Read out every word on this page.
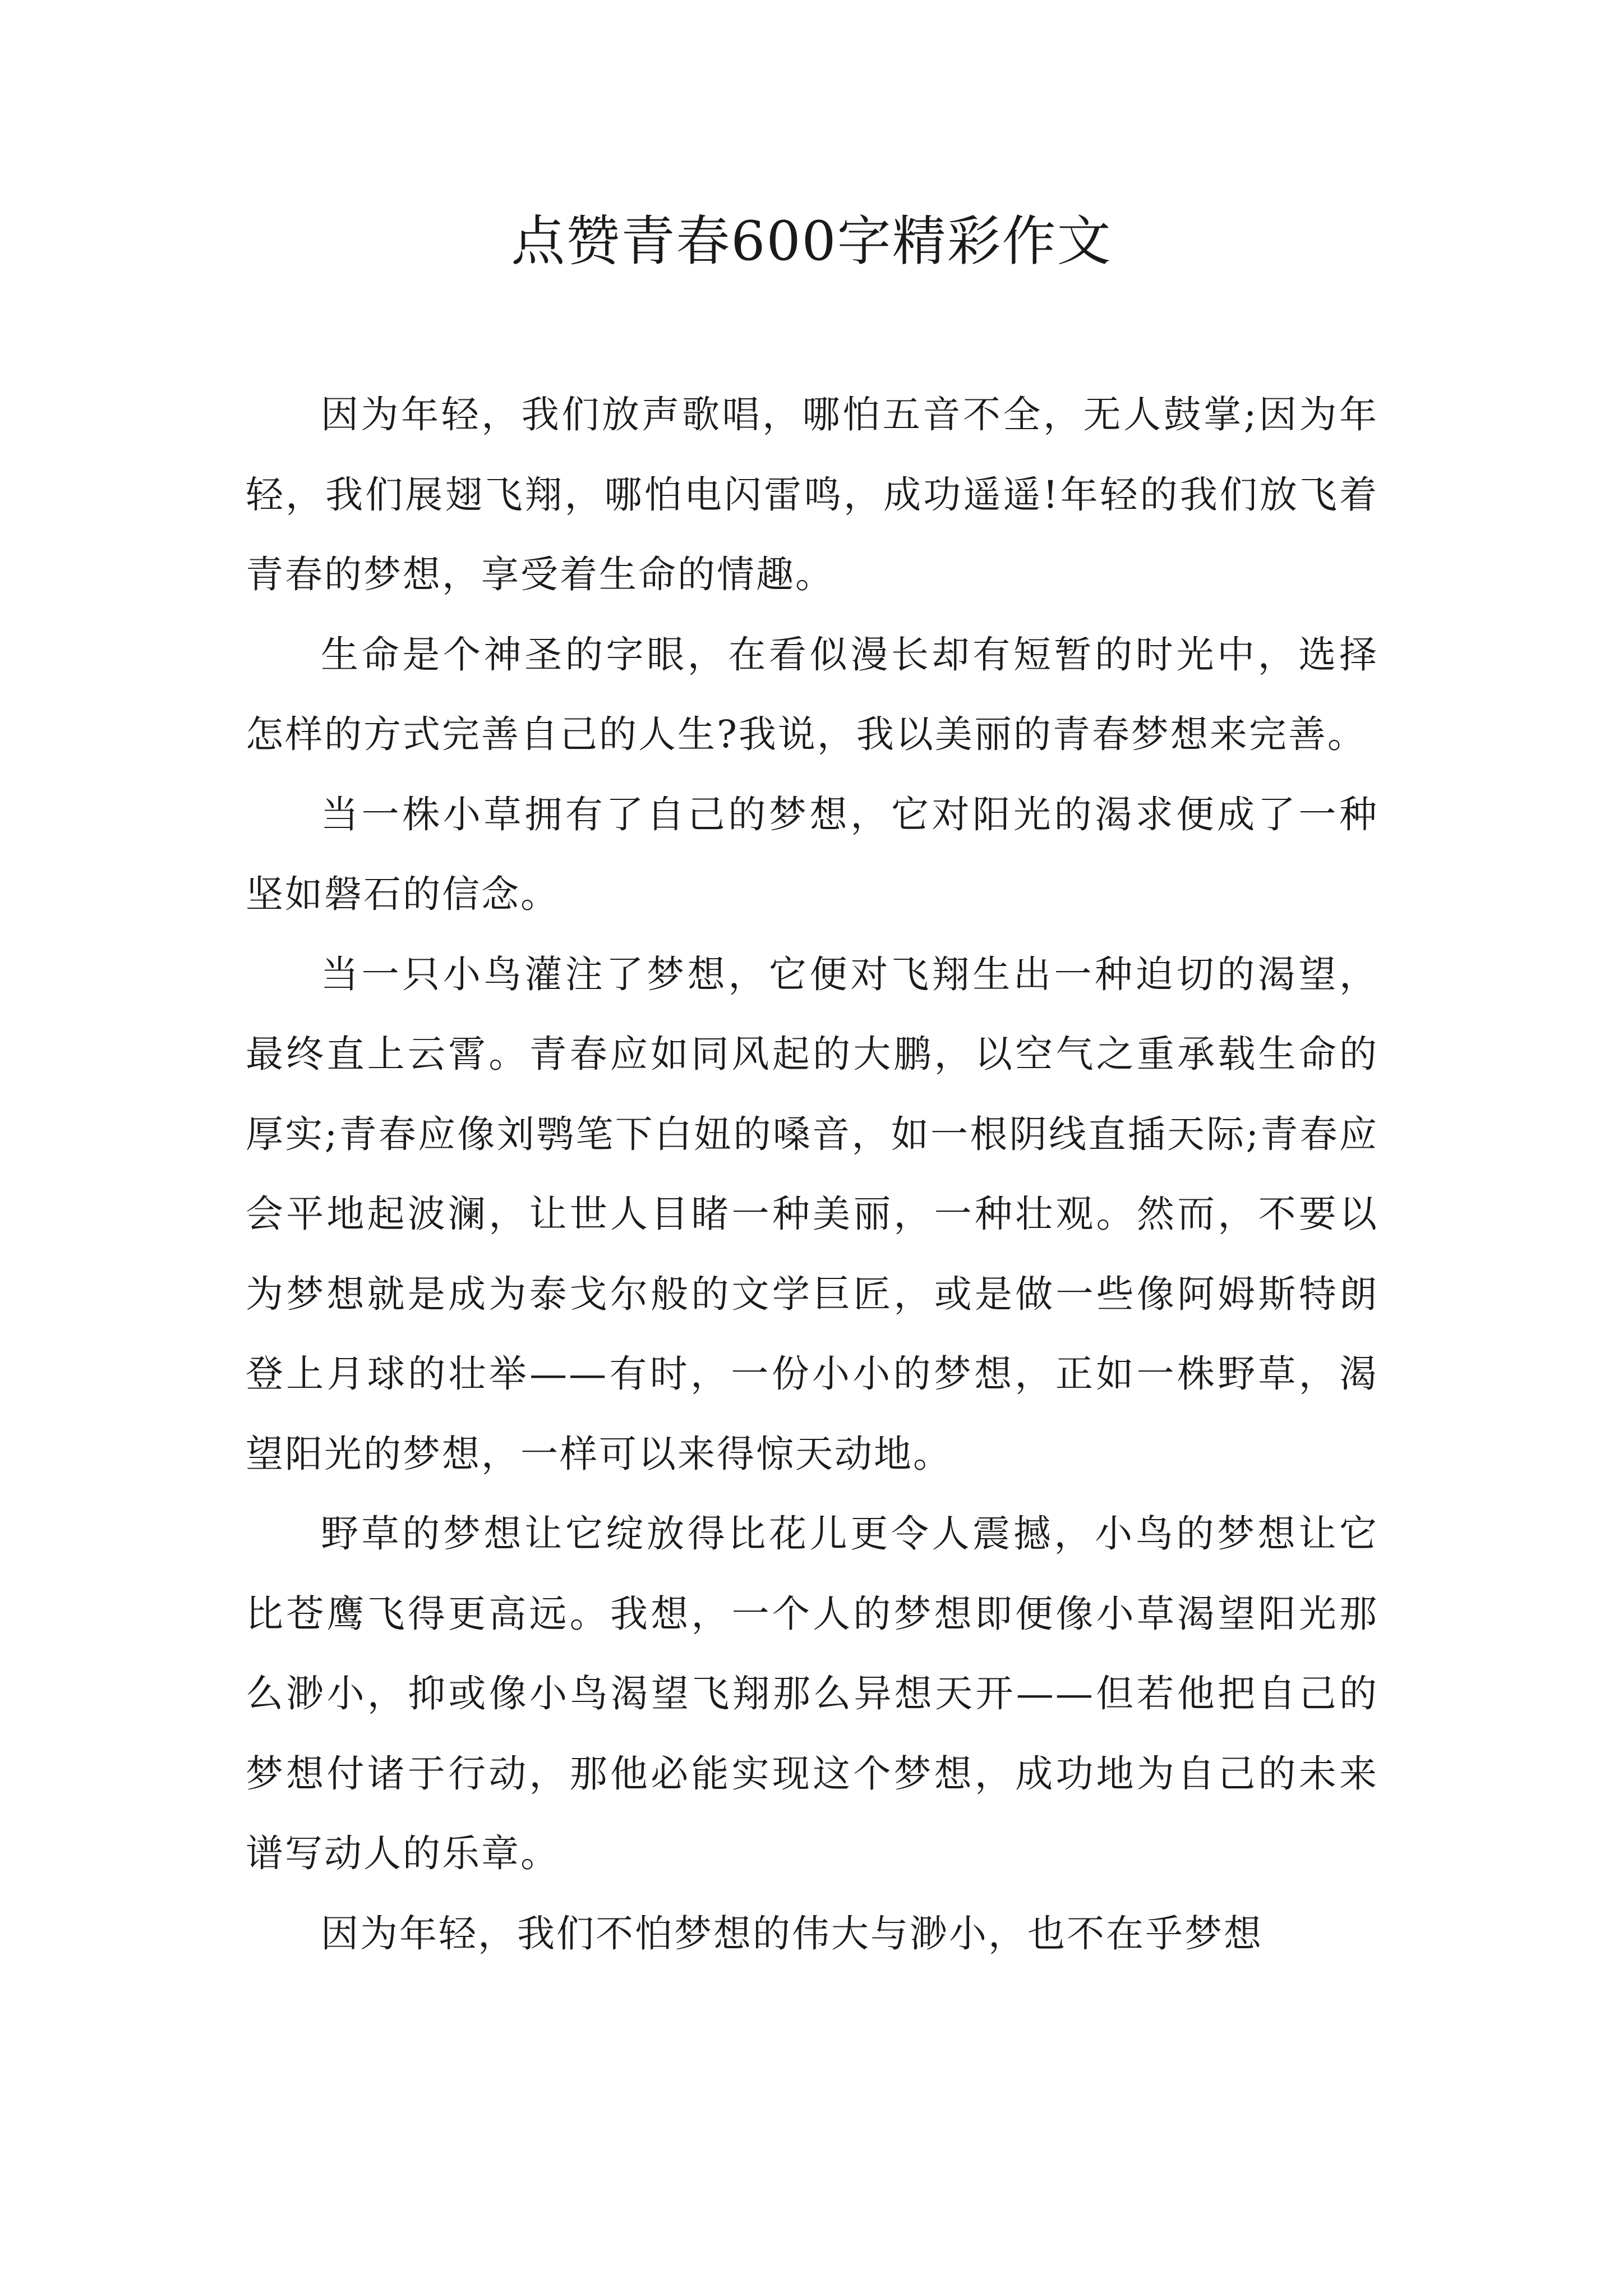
点赞青春600字精彩作文

因为年轻，我们放声歌唱，哪怕五音不全，无人鼓掌;因为年轻，我们展翅飞翔，哪怕电闪雷鸣，成功遥遥!年轻的我们放飞着青春的梦想，享受着生命的情趣。

生命是个神圣的字眼，在看似漫长却有短暂的时光中，选择怎样的方式完善自己的人生?我说，我以美丽的青春梦想来完善。

当一株小草拥有了自己的梦想，它对阳光的渴求便成了一种坚如磐石的信念。

当一只小鸟灌注了梦想，它便对飞翔生出一种迫切的渴望，最终直上云霄。青春应如同风起的大鹏，以空气之重承载生命的厚实;青春应像刘鹗笔下白妞的嗓音，如一根阴线直插天际;青春应会平地起波澜，让世人目睹一种美丽，一种壮观。然而，不要以为梦想就是成为泰戈尔般的文学巨匠，或是做一些像阿姆斯特朗登上月球的壮举——有时，一份小小的梦想，正如一株野草，渴望阳光的梦想，一样可以来得惊天动地。

野草的梦想让它绽放得比花儿更令人震撼，小鸟的梦想让它比苍鹰飞得更高远。我想，一个人的梦想即便像小草渴望阳光那么渺小，抑或像小鸟渴望飞翔那么异想天开——但若他把自己的梦想付诸于行动，那他必能实现这个梦想，成功地为自己的未来谱写动人的乐章。

因为年轻，我们不怕梦想的伟大与渺小，也不在乎梦想
